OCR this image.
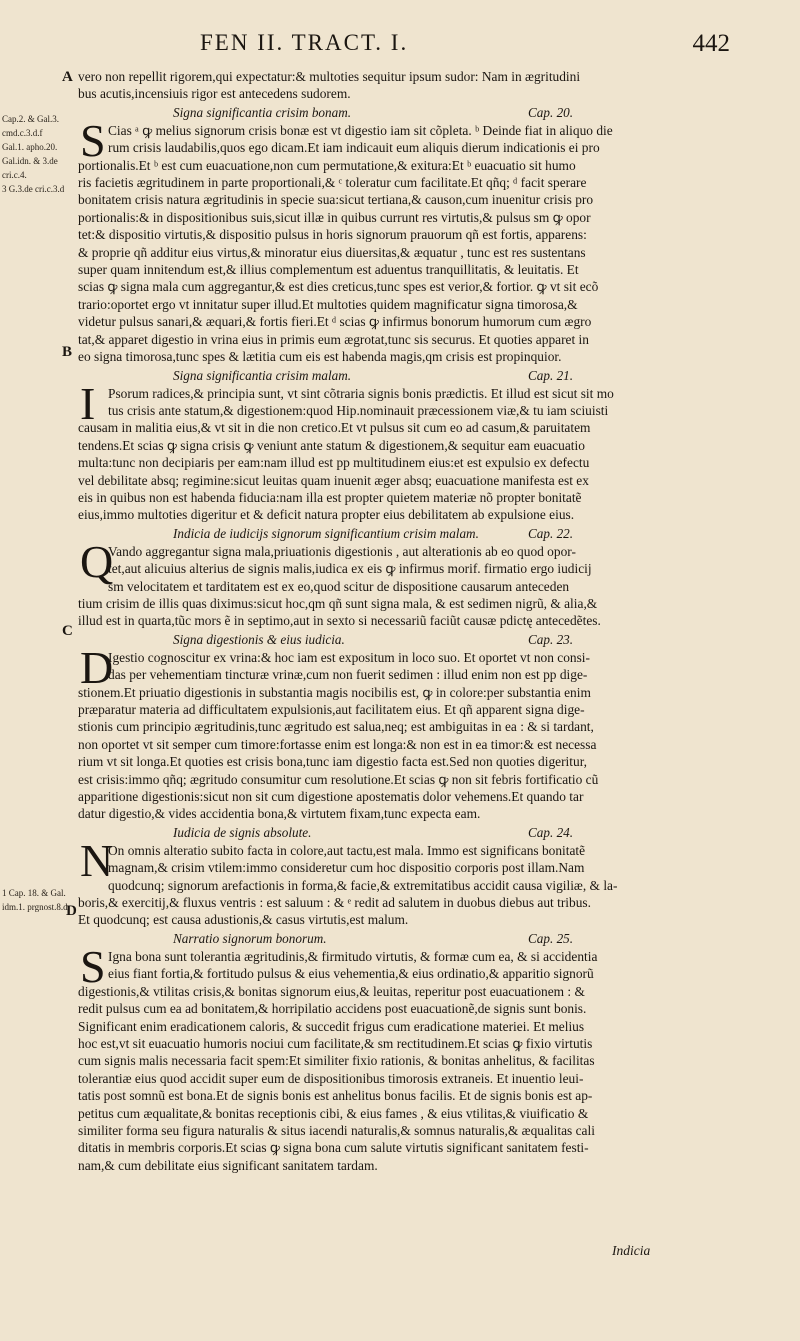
FEN II. TRACT. I.	442
Cap.2. & Gal.3.
cmd.c.3.d.f
Gal.1. apho.20.
Gal.idn. & 3.de
cri.c.4.
3 G.3.de cri.c.3.d
1 Cap. 18. & Gal.
idm.1. prgnost.8.d
A
B
C
D
vero non repellit rigorem,qui expectatur:& multoties sequitur ipsum sudor: Nam in ægritudini
bus acutis,incensiuis rigor est antecedens sudorem.
Signa significantia crisim bonam.	Cap. 20.
S Cias ᵃ ꝙ melius signorum crisis bonæ est vt digestio iam sit cõpleta. ᵇ Deinde fiat in aliquo die
rum crisis laudabilis,quos ego dicam.Et iam indicauit eum aliquis dierum indicationis ei pro
portionalis.Et ᵇ est cum euacuatione,non cum permutatione,& exitura:Et ᵇ euacuatio sit humo
ris facietis ægritudinem in parte proportionali,& ᶜ toleratur cum facilitate.Et qñq; ᵈ facit sperare
bonitatem crisis natura ægritudinis in specie sua:sicut tertiana,& causon,cum inuenitur crisis pro
portionalis:& in dispositionibus suis,sicut illæ in quibus currunt res virtutis,& pulsus sm ꝙ opor
tet:& dispositio virtutis,& dispositio pulsus in horis signorum prauorum qñ est fortis, apparens:
& proprie qñ additur eius virtus,& minoratur eius diuersitas,& æquatur , tunc est res sustentans
super quam innitendum est,& illius complementum est aduentus tranquillitatis, & leuitatis. Et
scias ꝙ signa mala cum aggregantur,& est dies creticus,tunc spes est verior,& fortior. ꝙ vt sit ecõ
trario:oportet ergo vt innitatur super illud.Et multoties quidem magnificatur signa timorosa,&
videtur pulsus sanari,& æquari,& fortis fieri.Et ᵈ scias ꝙ infirmus bonorum humorum cum ægro
tat,& apparet digestio in vrina eius in primis eum ægrotat,tunc sis securus. Et quoties apparet in
eo signa timorosa,tunc spes & lætitia cum eis est habenda magis,qm crisis est propinquior.
Signa significantia crisim malam.	Cap. 21.
I Psorum radices,& principia sunt, vt sint cõtraria signis bonis prædictis. Et illud est sicut sit mo
tus crisis ante statum,& digestionem:quod Hip.nominauit præcessionem viæ,& tu iam sciuisti
causam in malitia eius,& vt sit in die non cretico.Et vt pulsus sit cum eo ad casum,& paruitatem
tendens.Et scias ꝙ signa crisis ꝙ veniunt ante statum & digestionem,& sequitur eam euacuatio
multa:tunc non decipiaris per eam:nam illud est pp multitudinem eius:et est expulsio ex defectu
vel debilitate absq; regimine:sicut leuitas quam inuenit æger absq; euacuatione manifesta est ex
eis in quibus non est habenda fiducia:nam illa est propter quietem materiæ nõ propter bonitatẽ
eius,immo multoties digeritur et & deficit natura propter eius debilitatem ab expulsione eius.
Indicia de iudicijs signorum significantium crisim malam.	Cap. 22.
Q
Vando aggregantur signa mala,priuationis digestionis , aut alterationis ab eo quod opor-
tet,aut alicuius alterius de signis malis,iudica ex eis ꝙ infirmus morif. firmatio ergo iudicij
sm velocitatem et tarditatem est ex eo,quod scitur de dispositione causarum anteceden
tium crisim de illis quas diximus:sicut hoc,qm qñ sunt signa mala, & est sedimen nigrũ, & alia,&
illud est in quarta,tũc mors ẽ in septimo,aut in sexto si necessariũ faciũt causæ pdictę antecedẽtes.
Signa digestionis & eius iudicia.	Cap. 23.
D
Igestio cognoscitur ex vrina:& hoc iam est expositum in loco suo. Et oportet vt non consi-
das per vehementiam tincturæ vrinæ,cum non fuerit sedimen : illud enim non est pp dige-
stionem.Et priuatio digestionis in substantia magis nocibilis est, ꝙ in colore:per substantia enim
præparatur materia ad difficultatem expulsionis,aut facilitatem eius. Et qñ apparent signa dige-
stionis cum principio ægritudinis,tunc ægritudo est salua,neq; est ambiguitas in ea : & si tardant,
non oportet vt sit semper cum timore:fortasse enim est longa:& non est in ea timor:& est necessa
rium vt sit longa.Et quoties est crisis bona,tunc iam digestio facta est.Sed non quoties digeritur,
est crisis:immo qñq; ægritudo consumitur cum resolutione.Et scias ꝙ non sit febris fortificatio cũ
apparitione digestionis:sicut non sit cum digestione apostematis dolor vehemens.Et quando tar
datur digestio,& vides accidentia bona,& virtutem fixam,tunc expecta eam.
Iudicia de signis absolute.	Cap. 24.
N
On omnis alteratio subito facta in colore,aut tactu,est mala. Immo est significans bonitatẽ
magnam,& crisim vtilem:immo consideretur cum hoc dispositio corporis post illam.Nam
quodcunq; signorum arefactionis in forma,& facie,& extremitatibus accidit causa vigiliæ, & la-
boris,& exercitij,& fluxus ventris : est saluum : & ᵉ redit ad salutem in duobus diebus aut tribus.
Et quodcunq; est causa adustionis,& casus virtutis,est malum.
Narratio signorum bonorum.	Cap. 25.
S Igna bona sunt tolerantia ægritudinis,& firmitudo virtutis, & formæ cum ea, & si accidentia
eius fiant fortia,& fortitudo pulsus & eius vehementia,& eius ordinatio,& apparitio signorũ
digestionis,& vtilitas crisis,& bonitas signorum eius,& leuitas, reperitur post euacuationem : &
redit pulsus cum ea ad bonitatem,& horripilatio accidens post euacuationẽ,de signis sunt bonis.
Significant enim eradicationem caloris, & succedit frigus cum eradicatione materiei. Et melius
hoc est,vt sit euacuatio humoris nociui cum facilitate,& sm rectitudinem.Et scias ꝙ fixio virtutis
cum signis malis necessaria facit spem:Et similiter fixio rationis, & bonitas anhelitus, & facilitas
tolerantiæ eius quod accidit super eum de dispositionibus timorosis extraneis. Et inuentio leui-
tatis post somnũ est bona.Et de signis bonis est anhelitus bonus facilis. Et de signis bonis est ap-
petitus cum æqualitate,& bonitas receptionis cibi, & eius fames , & eius vtilitas,& viuificatio &
similiter forma seu figura naturalis & situs iacendi naturalis,& somnus naturalis,& æqualitas cali
ditatis in membris corporis.Et scias ꝙ signa bona cum salute virtutis significant sanitatem festi-
nam,& cum debilitate eius significant sanitatem tardam.
Indicia
